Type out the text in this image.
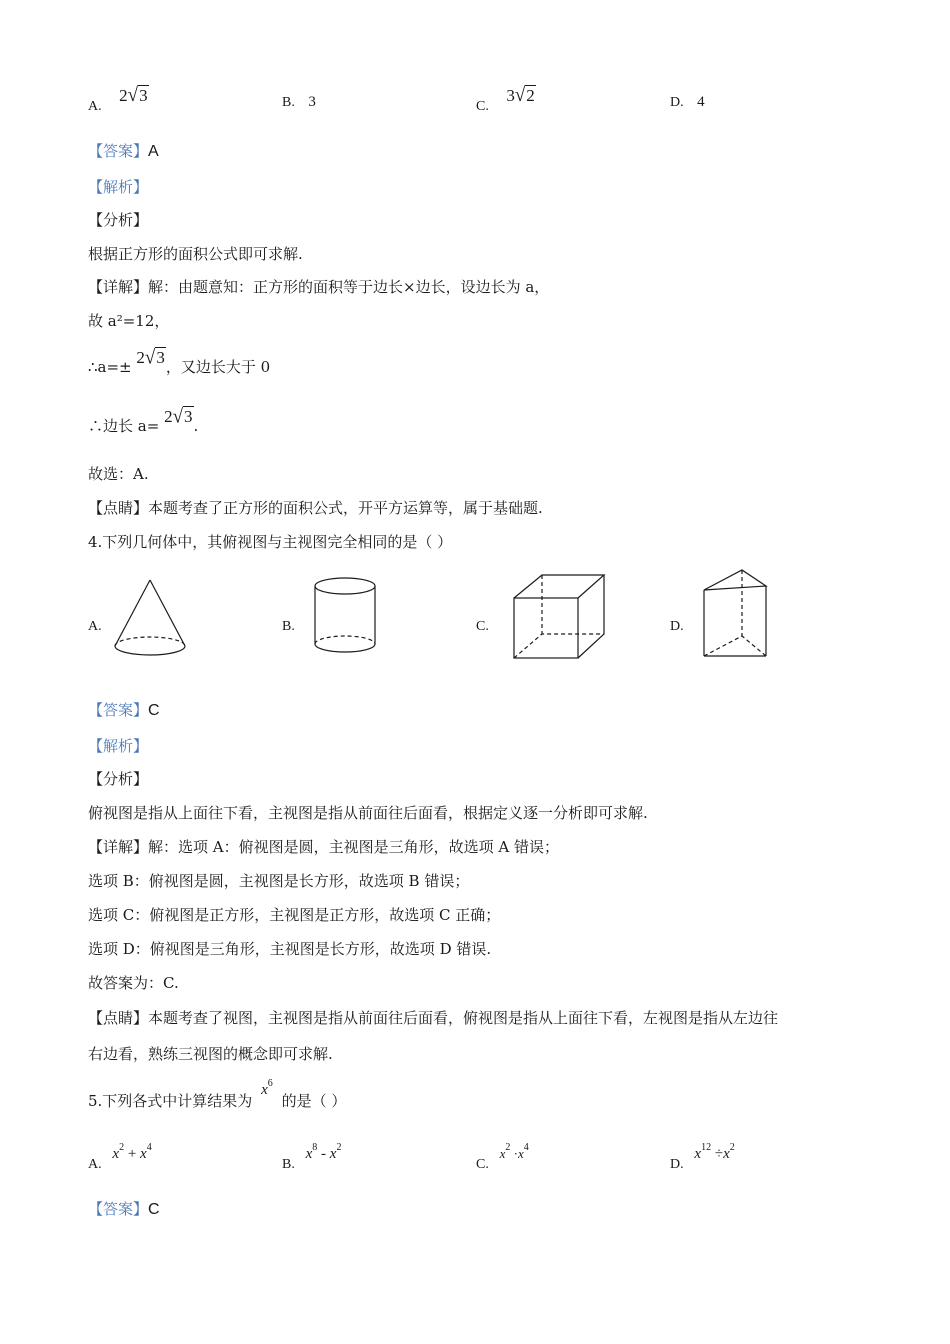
A. 2√3	B. 3	C. 3√2	D. 4
【答案】A
【解析】
【分析】
根据正方形的面积公式即可求解.
【详解】解：由题意知：正方形的面积等于边长×边长，设边长为 a，
故 a²=12，
∴a=± 2√3，又边长大于 0
∴边长 a= 2√3.
故选：A.
【点睛】本题考查了正方形的面积公式，开平方运算等，属于基础题.
4.下列几何体中，其俯视图与主视图完全相同的是（ ）
A.	B.	C.	D.
【答案】C
【解析】
【分析】
俯视图是指从上面往下看，主视图是指从前面往后面看，根据定义逐一分析即可求解.
【详解】解：选项 A：俯视图是圆，主视图是三角形，故选项 A 错误；
选项 B：俯视图是圆，主视图是长方形，故选项 B 错误；
选项 C：俯视图是正方形，主视图是正方形，故选项 C 正确；
选项 D：俯视图是三角形，主视图是长方形，故选项 D 错误.
故答案为：C.
【点睛】本题考查了视图，主视图是指从前面往后面看，俯视图是指从上面往下看，左视图是指从左边往
右边看，熟练三视图的概念即可求解.
5.下列各式中计算结果为 $x^6$ 的是（ ）
A. $x^2 + x^4$
B. $x^8 - x^2$
C. $x^2 \cdot x^4$
D. $x^{12} \div x^2$
【答案】C
